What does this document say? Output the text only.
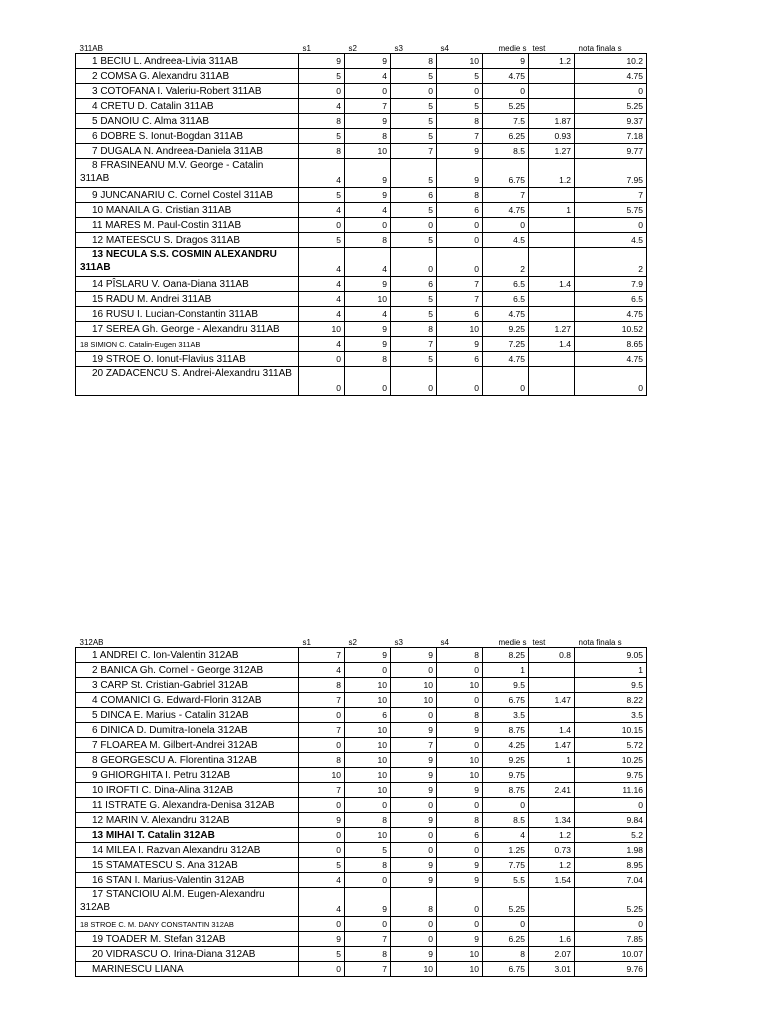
311AB	s1	s2	s3	s4	medie s	test	nota finala s
1 BECIU L. Andreea-Livia 311AB	9	9	8	10	9	1.2	10.2
2 COMSA G. Alexandru 311AB	5	4	5	5	4.75		4.75
3 COTOFANA I. Valeriu-Robert 311AB	0	0	0	0	0		0
4 CRETU D. Catalin 311AB	4	7	5	5	5.25		5.25
5 DANOIU C. Alma 311AB	8	9	5	8	7.5	1.87	9.37
6 DOBRE S. Ionut-Bogdan 311AB	5	8	5	7	6.25	0.93	7.18
7 DUGALA N. Andreea-Daniela 311AB	8	10	7	9	8.5	1.27	9.77
8 FRASINEANU M.V. George - Catalin 311AB	4	9	5	9	6.75	1.2	7.95
9 JUNCANARIU C. Cornel Costel 311AB	5	9	6	8	7		7
10 MANAILA G. Cristian 311AB	4	4	5	6	4.75	1	5.75
11 MARES M. Paul-Costin 311AB	0	0	0	0	0		0
12 MATEESCU S. Dragos 311AB	5	8	5	0	4.5		4.5
13 NECULA S.S. COSMIN ALEXANDRU 311AB	4	4	0	0	2		2
14 PÎSLARU V. Oana-Diana 311AB	4	9	6	7	6.5	1.4	7.9
15 RADU M. Andrei 311AB	4	10	5	7	6.5		6.5
16 RUSU I. Lucian-Constantin 311AB	4	4	5	6	4.75		4.75
17 SEREA Gh. George - Alexandru 311AB	10	9	8	10	9.25	1.27	10.52
18 SIMION C. Catalin-Eugen 311AB	4	9	7	9	7.25	1.4	8.65
19 STROE O. Ionut-Flavius 311AB	0	8	5	6	4.75		4.75
20 ZADACENCU S. Andrei-Alexandru 311AB	0	0	0	0	0		0
312AB	s1	s2	s3	s4	medie s	test	nota finala s
1 ANDREI C. Ion-Valentin 312AB	7	9	9	8	8.25	0.8	9.05
2 BANICA Gh. Cornel - George 312AB	4	0	0	0	1		1
3 CARP St. Cristian-Gabriel 312AB	8	10	10	10	9.5		9.5
4 COMANICI G. Edward-Florin 312AB	7	10	10	0	6.75	1.47	8.22
5 DINCA E. Marius - Catalin 312AB	0	6	0	8	3.5		3.5
6 DINICA D. Dumitra-Ionela 312AB	7	10	9	9	8.75	1.4	10.15
7 FLOAREA M. Gilbert-Andrei 312AB	0	10	7	0	4.25	1.47	5.72
8 GEORGESCU A. Florentina 312AB	8	10	9	10	9.25	1	10.25
9 GHIORGHITA I. Petru 312AB	10	10	9	10	9.75		9.75
10 IROFTI C. Dina-Alina 312AB	7	10	9	9	8.75	2.41	11.16
11 ISTRATE G. Alexandra-Denisa 312AB	0	0	0	0	0		0
12 MARIN V. Alexandru 312AB	9	8	9	8	8.5	1.34	9.84
13 MIHAI T. Catalin 312AB	0	10	0	6	4	1.2	5.2
14 MILEA I. Razvan Alexandru 312AB	0	5	0	0	1.25	0.73	1.98
15 STAMATESCU S. Ana 312AB	5	8	9	9	7.75	1.2	8.95
16 STAN I. Marius-Valentin 312AB	4	0	9	9	5.5	1.54	7.04
17 STANCIOIU Al.M. Eugen-Alexandru 312AB	4	9	8	0	5.25		5.25
18 STROE C. M. DANY CONSTANTIN 312AB	0	0	0	0	0		0
19 TOADER M. Stefan 312AB	9	7	0	9	6.25	1.6	7.85
20 VIDRASCU O. Irina-Diana 312AB	5	8	9	10	8	2.07	10.07
MARINESCU LIANA	0	7	10	10	6.75	3.01	9.76
